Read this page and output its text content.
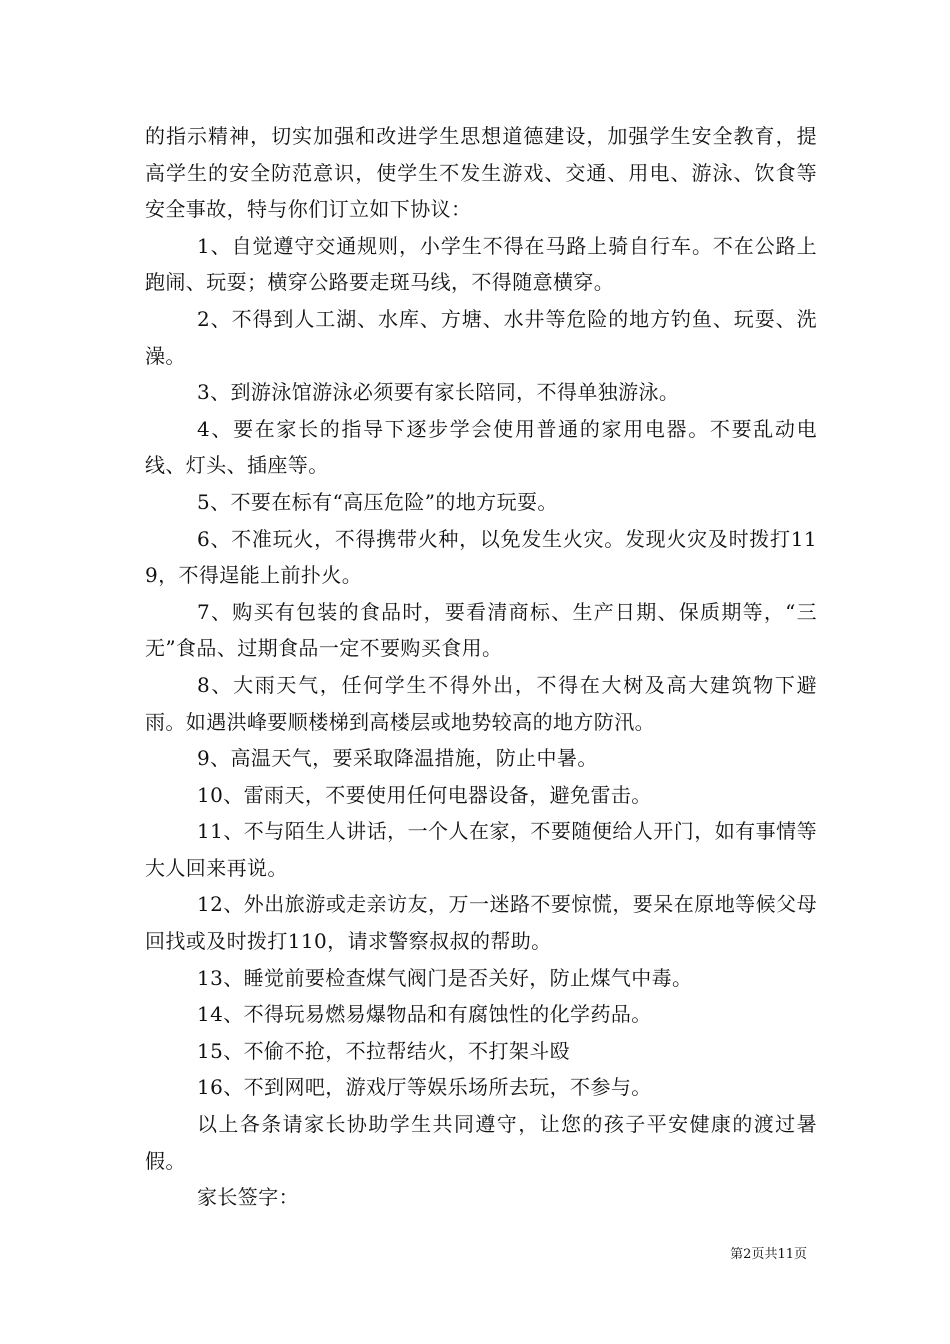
的指示精神，切实加强和改进学生思想道德建设，加强学生安全教育，提高学生的安全防范意识，使学生不发生游戏、交通、用电、游泳、饮食等安全事故，特与你们订立如下协议：

1、自觉遵守交通规则，小学生不得在马路上骑自行车。不在公路上跑闹、玩耍；横穿公路要走斑马线，不得随意横穿。

2、不得到人工湖、水库、方塘、水井等危险的地方钓鱼、玩耍、洗澡。

3、到游泳馆游泳必须要有家长陪同，不得单独游泳。

4、要在家长的指导下逐步学会使用普通的家用电器。不要乱动电线、灯头、插座等。

5、不要在标有“高压危险”的地方玩耍。

6、不准玩火，不得携带火种，以免发生火灾。发现火灾及时拨打119，不得逞能上前扑火。

7、购买有包装的食品时，要看清商标、生产日期、保质期等，“三无”食品、过期食品一定不要购买食用。

8、大雨天气，任何学生不得外出，不得在大树及高大建筑物下避雨。如遇洪峰要顺楼梯到高楼层或地势较高的地方防汛。

9、高温天气，要采取降温措施，防止中暑。

10、雷雨天，不要使用任何电器设备，避免雷击。

11、不与陌生人讲话，一个人在家，不要随便给人开门，如有事情等大人回来再说。

12、外出旅游或走亲访友，万一迷路不要惊慌，要呆在原地等候父母回找或及时拨打110，请求警察叔叔的帮助。

13、睡觉前要检查煤气阀门是否关好，防止煤气中毒。

14、不得玩易燃易爆物品和有腐蚀性的化学药品。

15、不偷不抢，不拉帮结火，不打架斗殴

16、不到网吧，游戏厅等娱乐场所去玩，不参与。

以上各条请家长协助学生共同遵守，让您的孩子平安健康的渡过暑假。

家长签字：

第2页共11页
